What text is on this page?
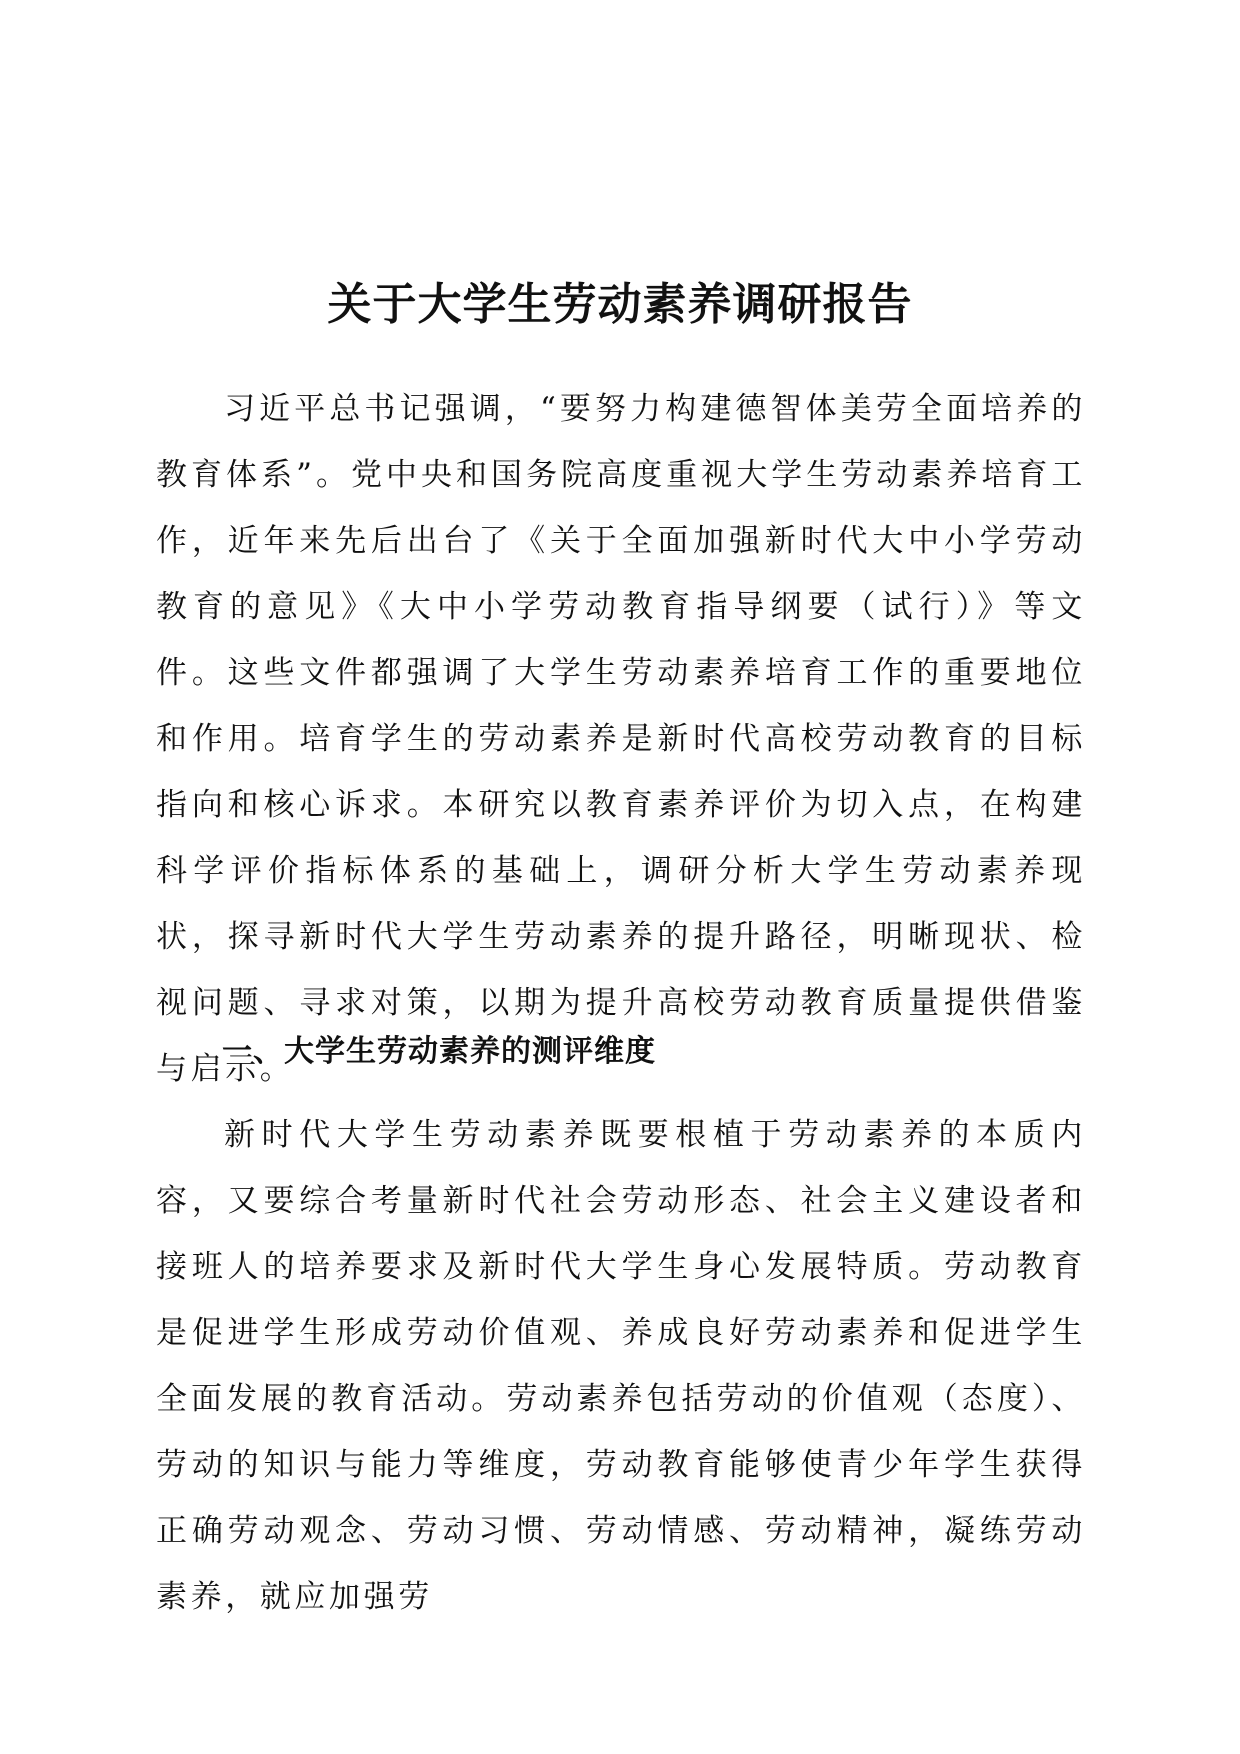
关于大学生劳动素养调研报告

习近平总书记强调，“要努力构建德智体美劳全面培养的教育体系”。党中央和国务院高度重视大学生劳动素养培育工作，近年来先后出台了《关于全面加强新时代大中小学劳动教育的意见》《大中小学劳动教育指导纲要（试行）》等文件。这些文件都强调了大学生劳动素养培育工作的重要地位和作用。培育学生的劳动素养是新时代高校劳动教育的目标指向和核心诉求。本研究以教育素养评价为切入点，在构建科学评价指标体系的基础上，调研分析大学生劳动素养现状，探寻新时代大学生劳动素养的提升路径，明晰现状、检视问题、寻求对策，以期为提升高校劳动教育质量提供借鉴与启示。

一、大学生劳动素养的测评维度

新时代大学生劳动素养既要根植于劳动素养的本质内容，又要综合考量新时代社会劳动形态、社会主义建设者和接班人的培养要求及新时代大学生身心发展特质。劳动教育是促进学生形成劳动价值观、养成良好劳动素养和促进学生全面发展的教育活动。劳动素养包括劳动的价值观（态度）、劳动的知识与能力等维度，劳动教育能够使青少年学生获得正确劳动观念、劳动习惯、劳动情感、劳动精神，凝练劳动素养，就应加强劳
